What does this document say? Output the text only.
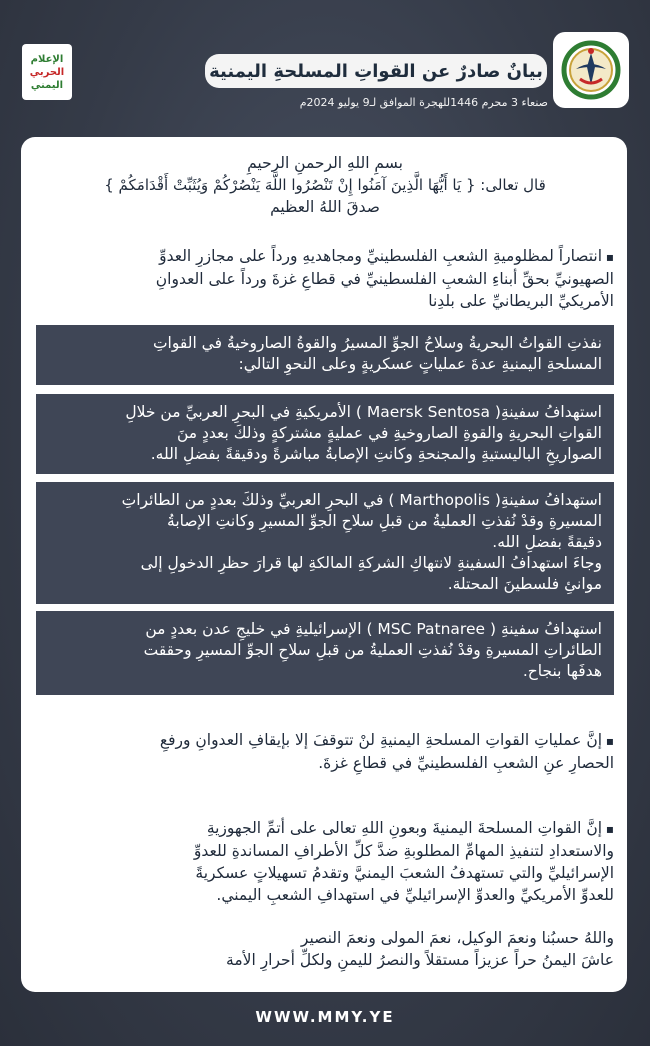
الإعلام
الحربي
اليمني
بيانٌ صادرٌ عن القواتِ المسلحةِ اليمنية
صنعاء 3 محرم 1446للهجرة الموافق لـ9 يوليو 2024م
بسمِ اللهِ الرحمنِ الرحيمِ
قال تعالى: { يَا أَيُّهَا الَّذِينَ آمَنُوا إِنْ تَنْصُرُوا اللَّهَ يَنْصُرْكُمْ وَيُثَبِّتْ أَقْدَامَكُمْ }
صدقَ اللهُ العظيم
▪ انتصاراً لمظلوميةِ الشعبِ الفلسطينيِّ ومجاهديهِ ورداً على مجازرِ العدوِّ
الصهيونيِّ بحقِّ أبناءِ الشعبِ الفلسطينيِّ في قطاعِ غزةَ ورداً على العدوانِ
الأمريكيِّ البريطانيِّ على بلدِنا

نفذتِ القواتُ البحريةُ وسلاحُ الجوِّ المسيرُ والقوةُ الصاروخيةُ في القواتِ

المسلحةِ اليمنيةِ عدةَ عملياتٍ عسكريةٍ وعلى النحوِ التالي:

استهدافُ سفينةِ( Maersk Sentosa ) الأمريكيةِ في البحرِ العربيِّ من خلالِ

القواتِ البحريةِ والقوةِ الصاروخيةِ في عمليةٍ مشتركةٍ وذلكَ بعددٍ منَ

الصواريخِ الباليستيةِ والمجنحةِ وكانتِ الإصابةُ مباشرةً ودقيقةً بفضلِ الله.

استهدافُ سفينةِ( Marthopolis ) في البحرِ العربيِّ وذلكَ بعددٍ من الطائراتِ

المسيرةِ وقدْ نُفذتِ العمليةُ من قبلِ سلاحِ الجوِّ المسيرِ وكانتِ الإصابةُ

دقيقةً بفضلِ الله.

وجاءَ استهدافُ السفينةِ لانتهاكِ الشركةِ المالكةِ لها قرارَ حظرِ الدخولِ إلى

موانئِ فلسطينَ المحتلة.

استهدافُ سفينةِ ( MSC Patnaree ) الإسرائيليةِ في خليجِ عدن بعددٍ من

الطائراتِ المسيرةِ وقدْ نُفذتِ العمليةُ من قبلِ سلاحِ الجوِّ المسيرِ وحققت

هدفَها بنجاح.

▪ إنَّ عملياتِ القواتِ المسلحةِ اليمنيةِ لنْ تتوقفَ إلا بإيقافِ العدوانِ ورفعِ
الحصارِ عنِ الشعبِ الفلسطينيِّ في قطاعِ غزةَ.
▪ إنَّ القواتِ المسلحةَ اليمنيةَ وبعونِ اللهِ تعالى على أتمِّ الجهوزيةِ
والاستعدادِ لتنفيذِ المهامِّ المطلوبةِ ضدَّ كلِّ الأطرافِ المساندةِ للعدوِّ
الإسرائيليِّ والتي تستهدفُ الشعبَ اليمنيَّ وتقدمُ تسهيلاتٍ عسكريةً
للعدوِّ الأمريكيِّ والعدوِّ الإسرائيليِّ في استهدافِ الشعبِ اليمني.
واللهُ حسبُنا ونعمَ الوكيل، نعمَ المولى ونعمَ النصير
عاشَ اليمنُ حراً عزيزاً مستقلاً والنصرُ لليمنِ ولكلِّ أحرارِ الأمة
WWW.MMY.YE
